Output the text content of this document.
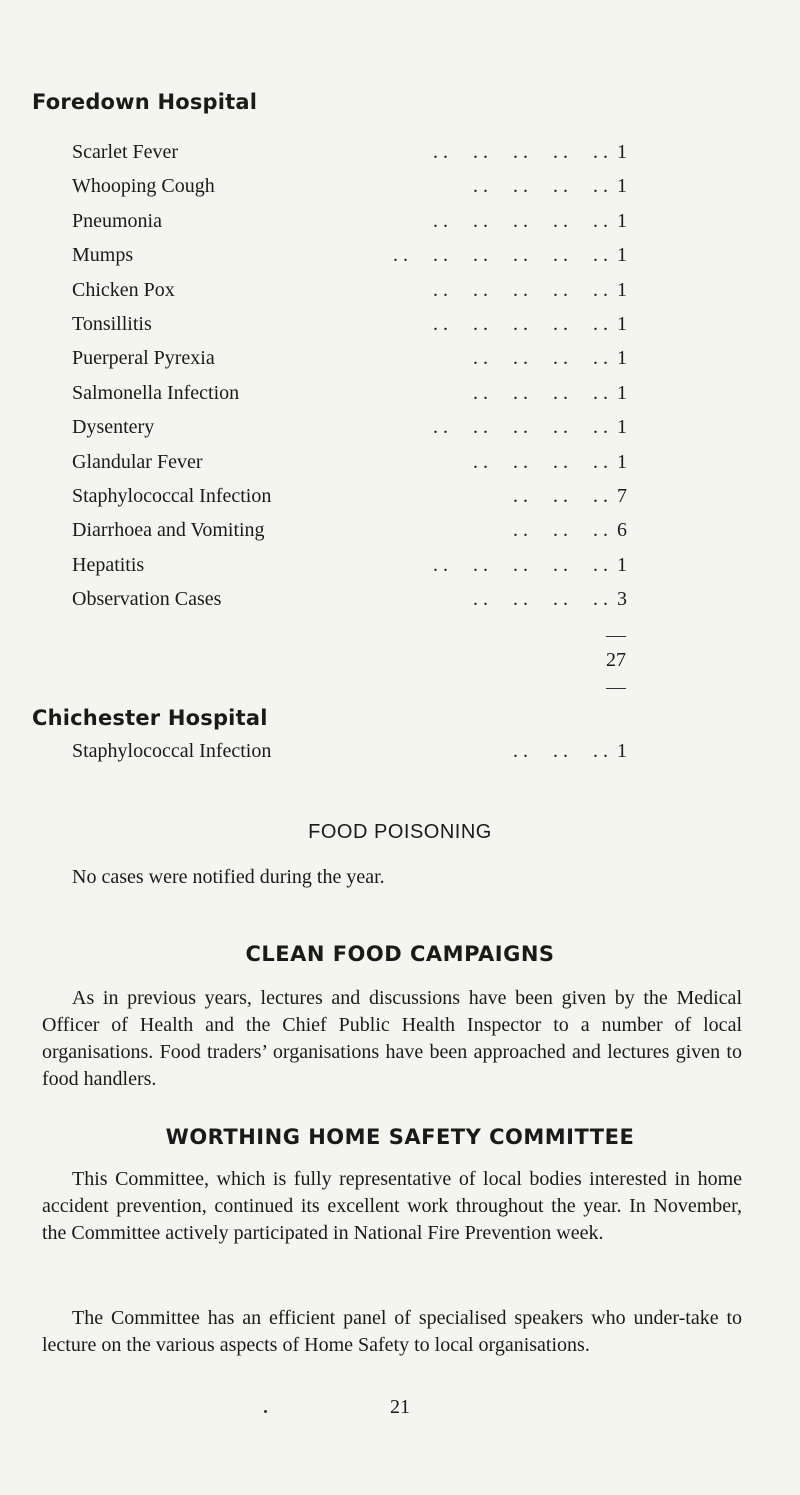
Foredown Hospital
Scarlet Fever	. .     . .     . .     . .     . . 1
Whooping Cough	. .     . .     . .     . . 1
Pneumonia	. .     . .     . .     . .     . . 1
Mumps	. .     . .     . .     . .     . .     . . 1
Chicken Pox	. .     . .     . .     . .     . . 1
Tonsillitis	. .     . .     . .     . .     . . 1
Puerperal Pyrexia	. .     . .     . .     . . 1
Salmonella Infection	. .     . .     . .     . . 1
Dysentery	. .     . .     . .     . .     . . 1
Glandular Fever	. .     . .     . .     . . 1
Staphylococcal Infection	. .     . .     . . 7
Diarrhoea and Vomiting	. .     . .     . . 6
Hepatitis	. .     . .     . .     . .     . . 1
Observation Cases	. .     . .     . .     . . 3
27
Chichester Hospital
Staphylococcal Infection	. .     . .     . . 1
FOOD POISONING
No cases were notified during the year.
CLEAN FOOD CAMPAIGNS
As in previous years, lectures and discussions have been given by the Medical Officer of Health and the Chief Public Health Inspector to a number of local organisations. Food traders’ organisations have been approached and lectures given to food handlers.
WORTHING HOME SAFETY COMMITTEE
This Committee, which is fully representative of local bodies interested in home accident prevention, continued its excellent work throughout the year. In November, the Committee actively participated in National Fire Prevention week.
The Committee has an efficient panel of specialised speakers who under-take to lecture on the various aspects of Home Safety to local organisations.
21
